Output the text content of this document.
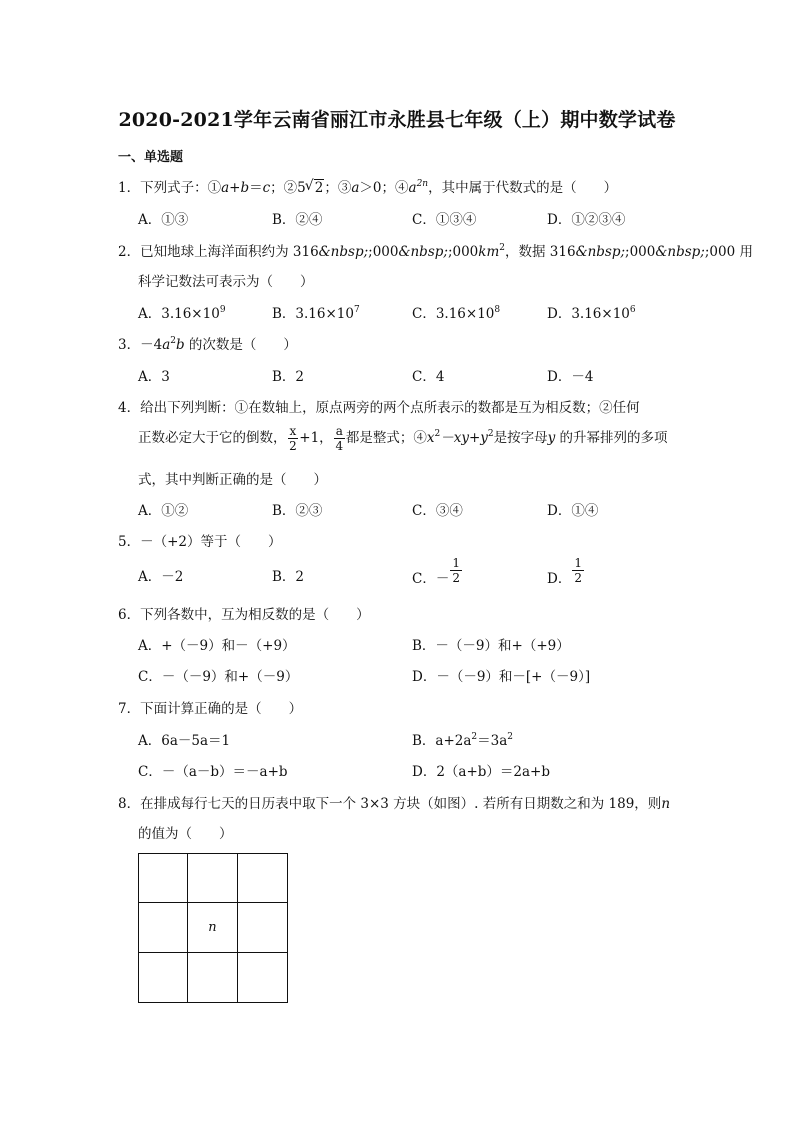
2020-2021学年云南省丽江市永胜县七年级（上）期中数学试卷
一、单选题
1．下列式子：①a+b＝c；②5√ 2；③a＞0；$④a^{2n}$，其中属于代数式的是（　　）
A．①③	B．②④	C．①③④	D．①②③④
2．已知地球上海洋面积约为 $316\&nbsp;;000\&nbsp;;000km^2$，数据 316&nbsp;;000&nbsp;;000 用
科学记数法可表示为（　　）
A．$3.16\times 10^9$	B．$3.16\times 10^7$	C．$3.16\times 10^8$	D．$3.16\times 10^6$
3．$-4a^2b$ 的次数是（　　）
A．3	B．2	C．4	D．－4
4．给出下列判断：①在数轴上，原点两旁的两个点所表示的数都是互为相反数；②任何
正数必定大于它的倒数， $\frac{x}{2} +1$， $\frac{a}{4}$ 都是整式；$④x^2-xy+y^2$是按字母y 的升幂排列的多项
式，其中判断正确的是（　　）
A．①②	B．②③	C．③④	D．①④
5．－（+2）等于（　　）
A．－2	B．2	C．－ $\frac{1}{2}$	D． $\frac{1}{2}$
6．下列各数中，互为相反数的是（　　）
A．+（－9）和－（+9）	B．－（－9）和+（+9）
C．－（－9）和+（－9）	D．－（－9）和－[+（－9）]
7．下面计算正确的是（　　）
A．6a－5a＝1	B．$a+2a^2=3a^2$
C．－（a－b）＝－a+b	D．2（a+b）＝2a+b
8．在排成每行七天的日历表中取下一个 3×3 方块（如图）. 若所有日期数之和为 189，则n
的值为（　　）
n
